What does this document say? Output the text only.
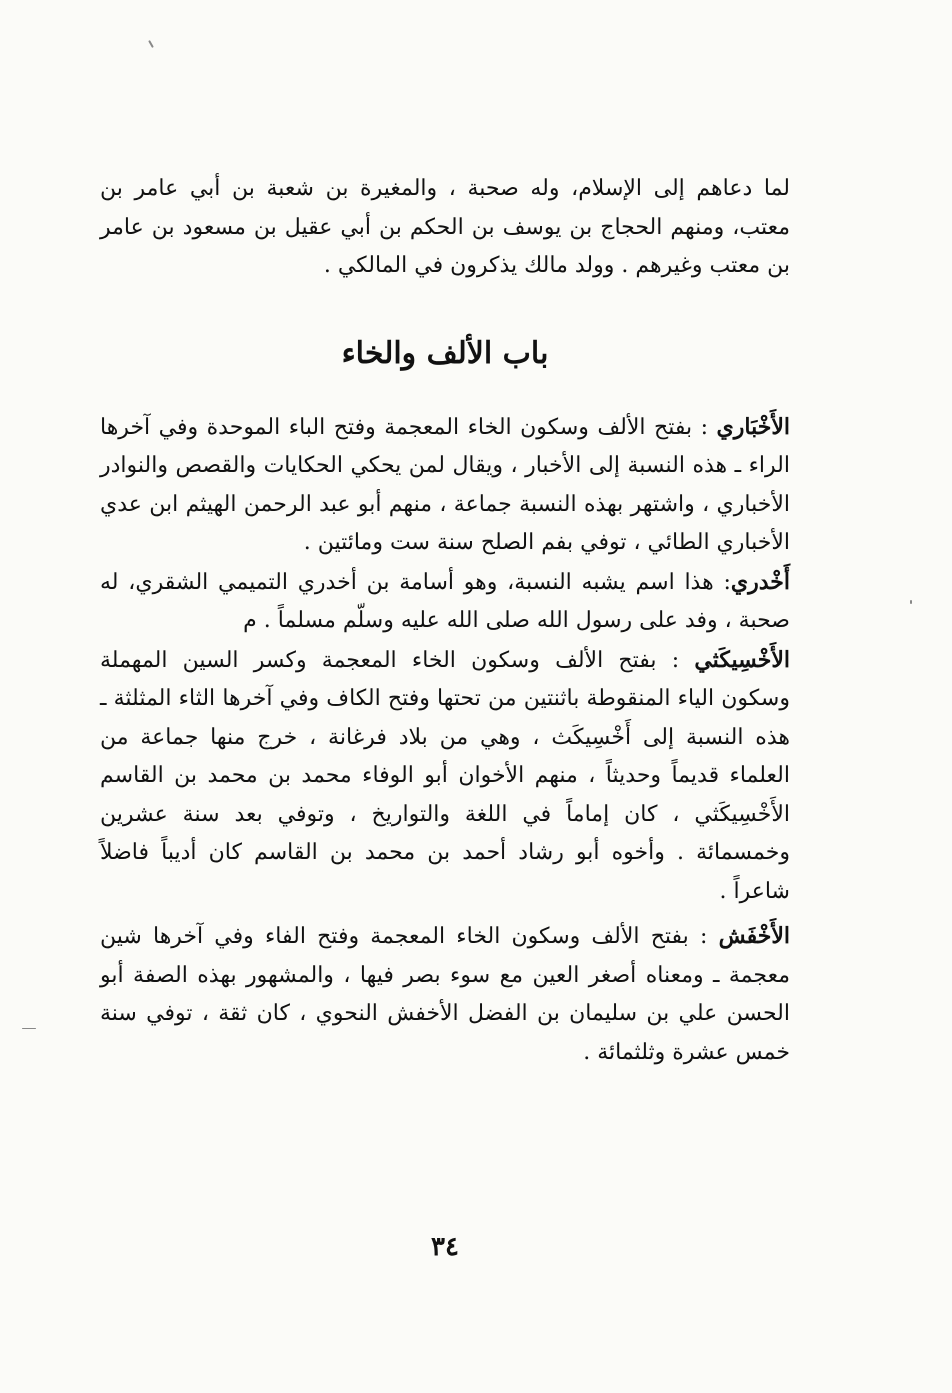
لما دعاهم إلى الإسلام، وله صحبة ، والمغيرة بن شعبة بن أبي عامر بن معتب، ومنهم الحجاج بن يوسف بن الحكم بن أبي عقيل بن مسعود بن عامر بن معتب وغيرهم . وولد مالك يذكرون في المالكي .

باب الألف والخاء

الأَخْبَاري : بفتح الألف وسكون الخاء المعجمة وفتح الباء الموحدة وفي آخرها الراء ـ هذه النسبة إلى الأخبار ، ويقال لمن يحكي الحكايات والقصص والنوادر الأخباري ، واشتهر بهذه النسبة جماعة ، منهم أبو عبد الرحمن الهيثم ابن عدي الأخباري الطائي ، توفي بفم الصلح سنة ست ومائتين .

أَخْدري: هذا اسم يشبه النسبة، وهو أسامة بن أخدري التميمي الشقري، له صحبة ، وفد على رسول الله صلى الله عليه وسلّم مسلماً . م

الأَخْسِيكَثي : بفتح الألف وسكون الخاء المعجمة وكسر السين المهملة وسكون الياء المنقوطة باثنتين من تحتها وفتح الكاف وفي آخرها الثاء المثلثة ـ هذه النسبة إلى أَخْسِيكَث ، وهي من بلاد فرغانة ، خرج منها جماعة من العلماء قديماً وحديثاً ، منهم الأخوان أبو الوفاء محمد بن محمد بن القاسم الأَخْسِيكَثي ، كان إماماً في اللغة والتواريخ ، وتوفي بعد سنة عشرين وخمسمائة . وأخوه أبو رشاد أحمد بن محمد بن القاسم كان أديباً فاضلاً شاعراً .

الأَخْفَش : بفتح الألف وسكون الخاء المعجمة وفتح الفاء وفي آخرها شين معجمة ـ ومعناه أصغر العين مع سوء بصر فيها ، والمشهور بهذه الصفة أبو الحسن علي بن سليمان بن الفضل الأخفش النحوي ، كان ثقة ، توفي سنة خمس عشرة وثلثمائة .

٣٤
